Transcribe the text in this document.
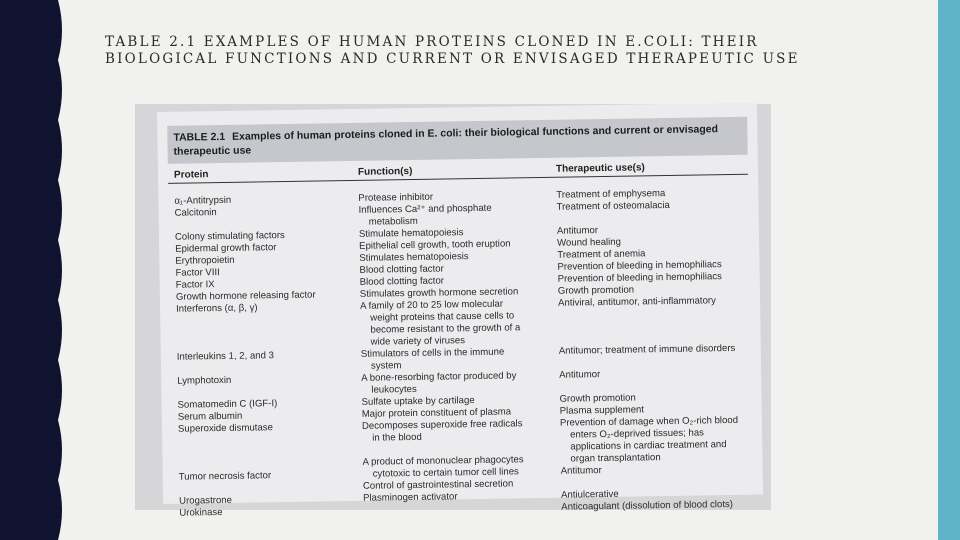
TABLE 2.1 EXAMPLES OF HUMAN PROTEINS CLONED IN E.COLI: THEIR BIOLOGICAL FUNCTIONS AND CURRENT OR ENVISAGED THERAPEUTIC USE
TABLE 2.1 Examples of human proteins cloned in E. coli: their biological functions and current or envisaged therapeutic use
Protein	Function(s)	Therapeutic use(s)
α₁-Antitrypsin
Calcitonin
Colony stimulating factors
Epidermal growth factor
Erythropoietin
Factor VIII
Factor IX
Growth hormone releasing factor
Interferons (α, β, γ)
Interleukins 1, 2, and 3
Lymphotoxin
Somatomedin C (IGF-I)
Serum albumin
Superoxide dismutase
Tumor necrosis factor
Urogastrone
Urokinase
Protease inhibitor
Influences Ca²⁺ and phosphate
metabolism
Stimulate hematopoiesis
Epithelial cell growth, tooth eruption
Stimulates hematopoiesis
Blood clotting factor
Blood clotting factor
Stimulates growth hormone secretion
A family of 20 to 25 low molecular
weight proteins that cause cells to
become resistant to the growth of a
wide variety of viruses
Stimulators of cells in the immune
system
A bone-resorbing factor produced by
leukocytes
Sulfate uptake by cartilage
Major protein constituent of plasma
Decomposes superoxide free radicals
in the blood
A product of mononuclear phagocytes
cytotoxic to certain tumor cell lines
Control of gastrointestinal secretion
Plasminogen activator
Treatment of emphysema
Treatment of osteomalacia
Antitumor
Wound healing
Treatment of anemia
Prevention of bleeding in hemophiliacs
Prevention of bleeding in hemophiliacs
Growth promotion
Antiviral, antitumor, anti-inflammatory
Antitumor; treatment of immune disorders
Antitumor
Growth promotion
Plasma supplement
Prevention of damage when O₂-rich blood
enters O₂-deprived tissues; has
applications in cardiac treatment and
organ transplantation
Antitumor
Antiulcerative
Anticoagulant (dissolution of blood clots)
